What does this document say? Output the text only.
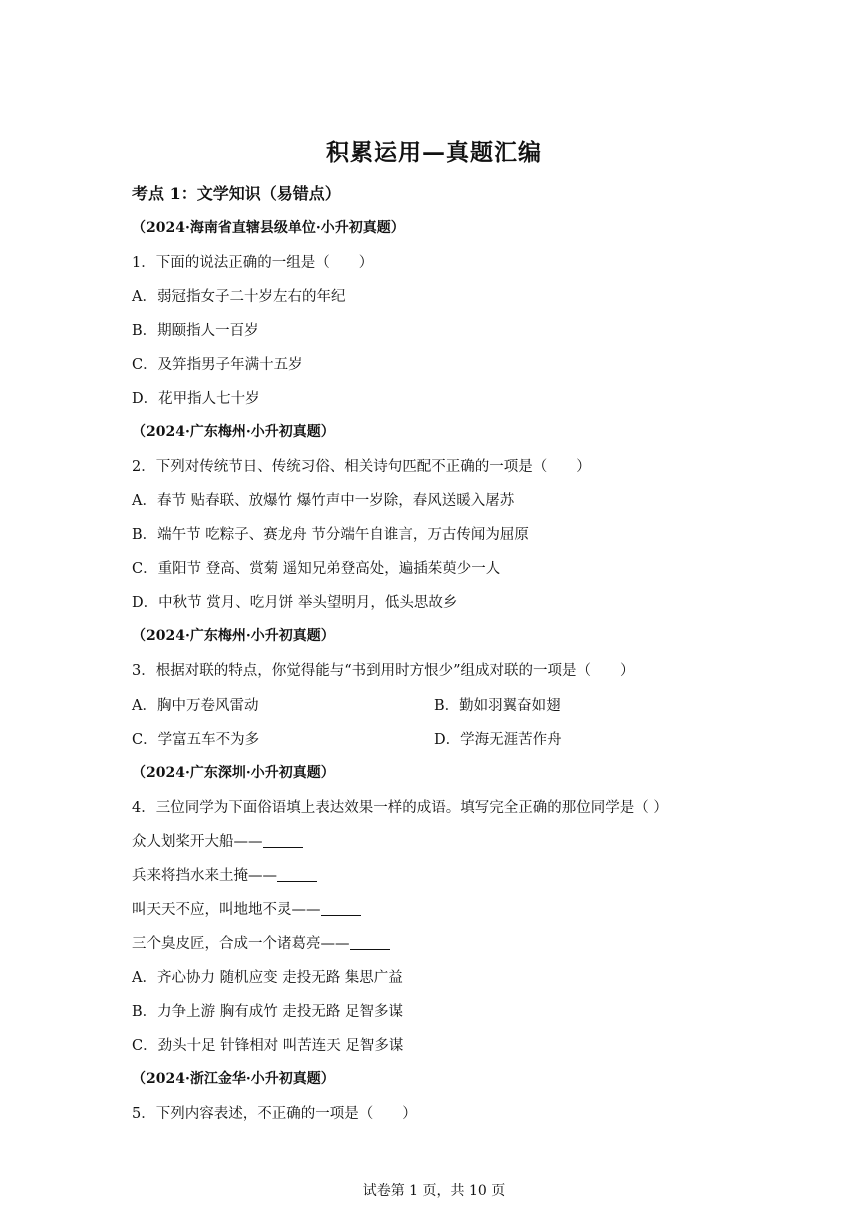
积累运用—真题汇编
考点 1：文学知识（易错点）
（2024·海南省直辖县级单位·小升初真题）
1．下面的说法正确的一组是（　　）
A．弱冠指女子二十岁左右的年纪
B．期颐指人一百岁
C．及笄指男子年满十五岁
D．花甲指人七十岁
（2024·广东梅州·小升初真题）
2．下列对传统节日、传统习俗、相关诗句匹配不正确的一项是（　　）
A．春节 贴春联、放爆竹 爆竹声中一岁除，春风送暖入屠苏
B．端午节 吃粽子、赛龙舟 节分端午自谁言，万古传闻为屈原
C．重阳节 登高、赏菊 遥知兄弟登高处，遍插茱萸少一人
D．中秋节 赏月、吃月饼 举头望明月，低头思故乡
（2024·广东梅州·小升初真题）
3．根据对联的特点，你觉得能与“书到用时方恨少”组成对联的一项是（　　）
A．胸中万卷风雷动	B．勤如羽翼奋如翅
C．学富五车不为多	D．学海无涯苦作舟
（2024·广东深圳·小升初真题）
4．三位同学为下面俗语填上表达效果一样的成语。填写完全正确的那位同学是（ ）
众人划桨开大船——
兵来将挡水来土掩——
叫天天不应，叫地地不灵——
三个臭皮匠，合成一个诸葛亮——
A．齐心协力 随机应变 走投无路 集思广益
B．力争上游 胸有成竹 走投无路 足智多谋
C．劲头十足 针锋相对 叫苦连天 足智多谋
（2024·浙江金华·小升初真题）
5．下列内容表述，不正确的一项是（　　）
试卷第 1 页，共 10 页
